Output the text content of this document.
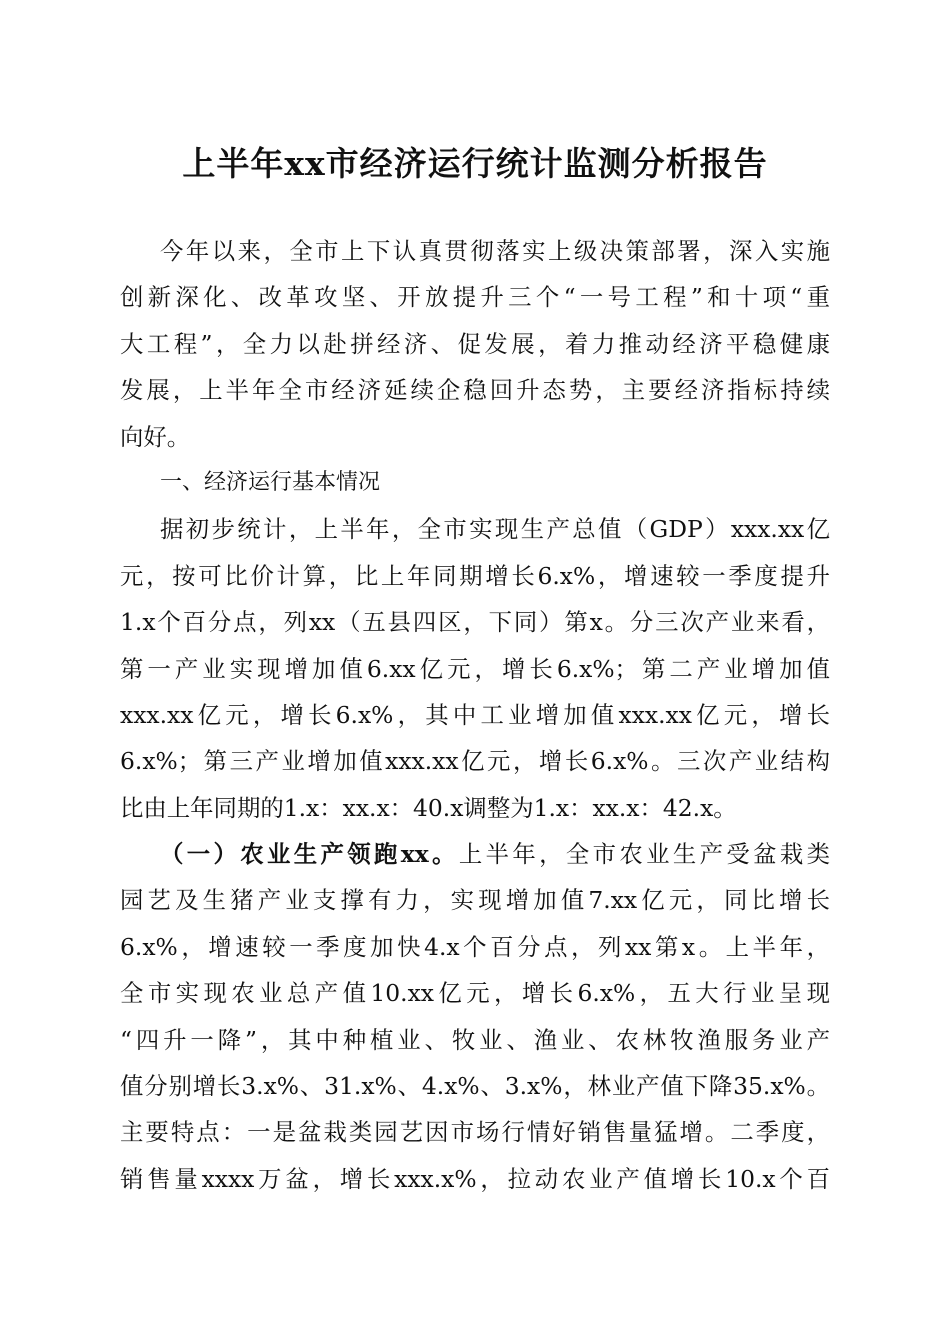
上半年xx市经济运行统计监测分析报告
今年以来，全市上下认真贯彻落实上级决策部署，深入实施
创新深化、改革攻坚、开放提升三个“一号工程”和十项“重
大工程”，全力以赴拼经济、促发展，着力推动经济平稳健康
发展，上半年全市经济延续企稳回升态势，主要经济指标持续
向好。
一、经济运行基本情况
据初步统计，上半年，全市实现生产总值（GDP）xxx.xx亿
元，按可比价计算，比上年同期增长6.x%，增速较一季度提升
1.x个百分点，列xx（五县四区，下同）第x。分三次产业来看，
第一产业实现增加值6.xx亿元，增长6.x%；第二产业增加值
xxx.xx亿元，增长6.x%，其中工业增加值xxx.xx亿元，增长
6.x%；第三产业增加值xxx.xx亿元，增长6.x%。三次产业结构
比由上年同期的1.x：xx.x：40.x调整为1.x：xx.x：42.x。
（一）农业生产领跑xx。上半年，全市农业生产受盆栽类
园艺及生猪产业支撑有力，实现增加值7.xx亿元，同比增长
6.x%，增速较一季度加快4.x个百分点，列xx第x。上半年，
全市实现农业总产值10.xx亿元，增长6.x%，五大行业呈现
“四升一降”，其中种植业、牧业、渔业、农林牧渔服务业产
值分别增长3.x%、31.x%、4.x%、3.x%，林业产值下降35.x%。
主要特点：一是盆栽类园艺因市场行情好销售量猛增。二季度，
销售量xxxx万盆，增长xxx.x%，拉动农业产值增长10.x个百
